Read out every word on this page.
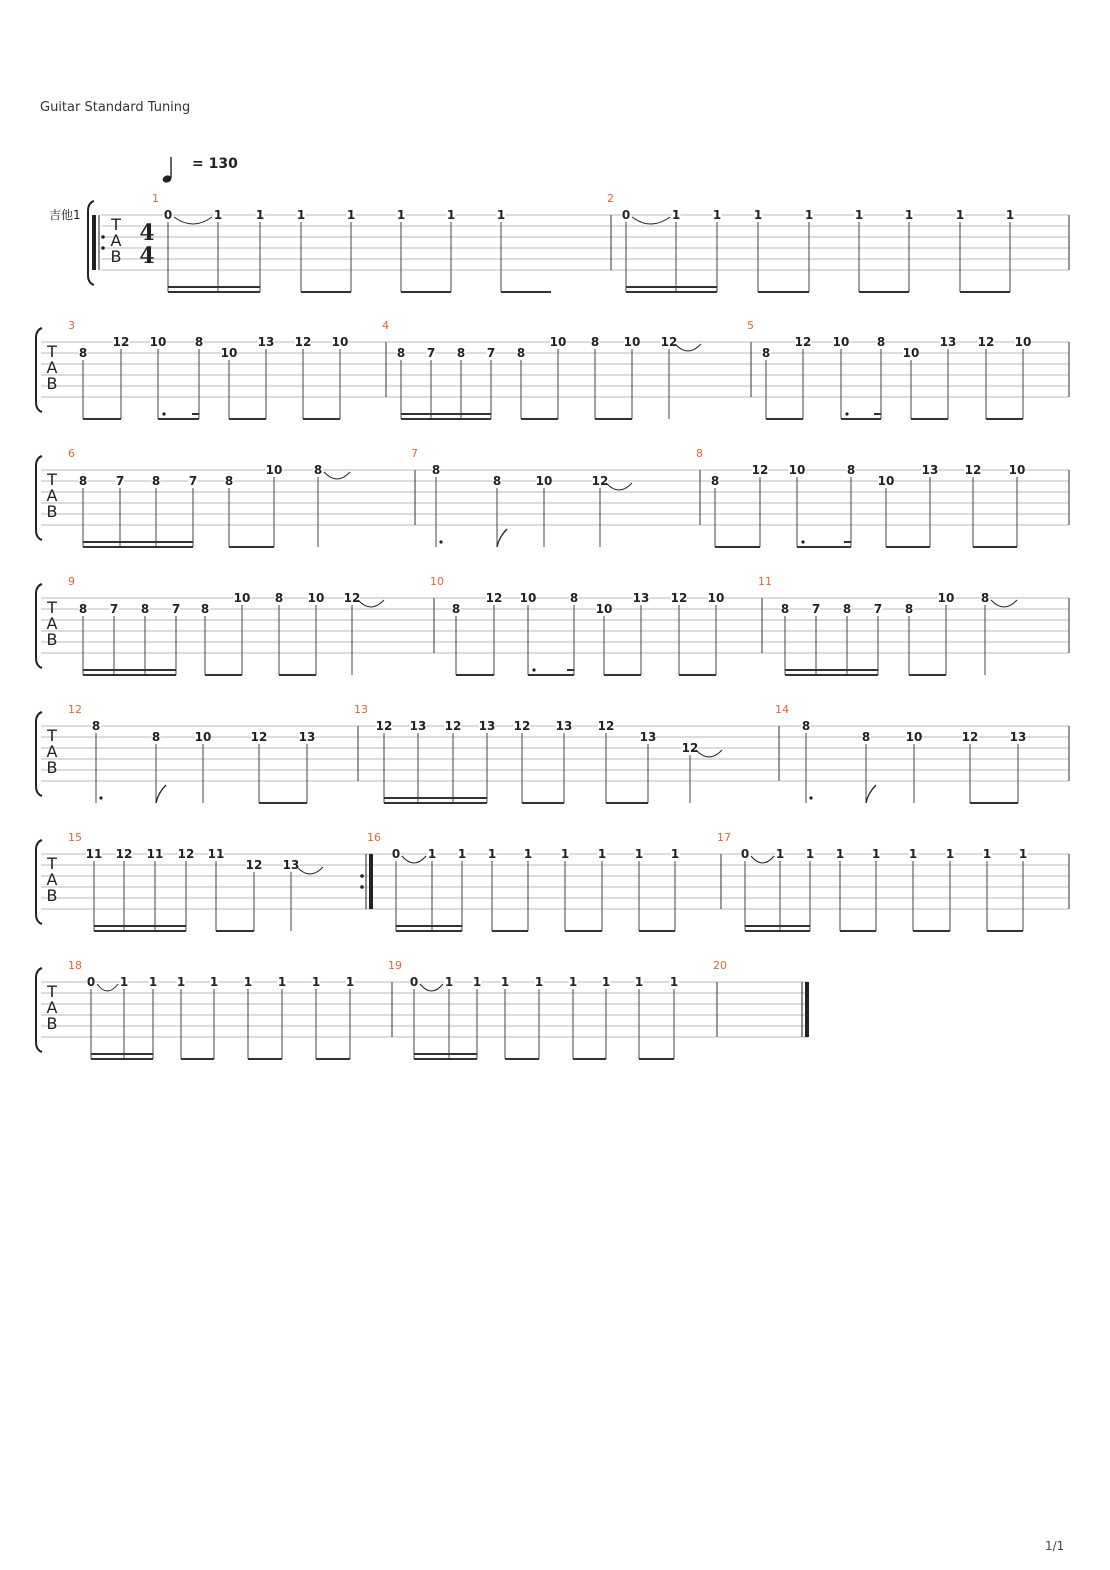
Guitar Standard Tuning
= 130
吉他1
1/1
T
A
B
4
4
1
0	1	1	1	1	1	1	1
2
0	1	1	1	1	1	1	1	1
T
A
B
3
8
12 10 8
10
13 12 10
4
8 7 8 7 8
10 8 10 12
5
8
12 10 8
10
13 12 10
T
A
B
6
8 7 8 7 8
10	8
7
8
8	10	12
8
8
12 10	8
10
13 12 10
T
A
B
9
8 7 8 7 8
10 8 10 12
10
8
12 10	8
10
13 12 10
11
8 7 8 7 8
10 8
T
A
B
12
8
8	10	12	13
13
12 13 12 13 12 13 12
13
12
14
8
8	10	12	13
T
A
B
15
11 12 11 12 11
12 13
16
0 1 1 1 1 1 1 1 1
17
0 1 1 1 1 1 1 1 1
T
A
B
18
0 1 1 1 1 1 1 1 1
19
0 1 1 1 1 1 1 1 1
20
